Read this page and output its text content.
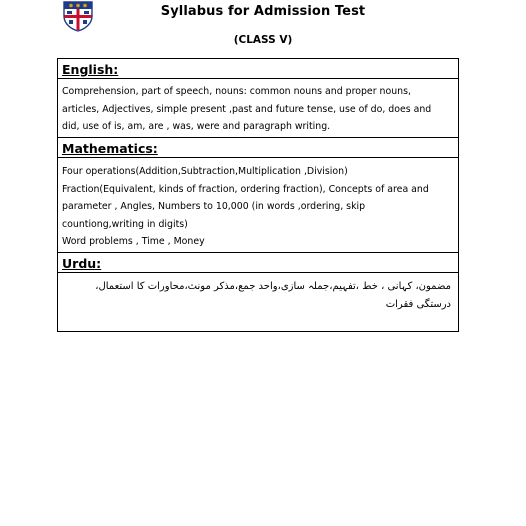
Syllabus for Admission Test
(CLASS V)
English:
Comprehension, part of speech, nouns: common nouns and proper nouns,
articles, Adjectives, simple present ,past and future tense, use of do, does and
did, use of is, am, are , was, were and paragraph writing.
Mathematics:
Four operations(Addition,Subtraction,Multiplication ,Division)
Fraction(Equivalent, kinds of fraction, ordering fraction), Concepts of area and
parameter , Angles, Numbers to 10,000 (in words ,ordering, skip
countiong,writing in digits)
Word problems , Time , Money
Urdu:
مضمون، کہانی ، خط ،تفہیم،جملہ سازی،واحد جمع،مذکر مونث،محاورات کا استعمال،
درستگی فقرات
